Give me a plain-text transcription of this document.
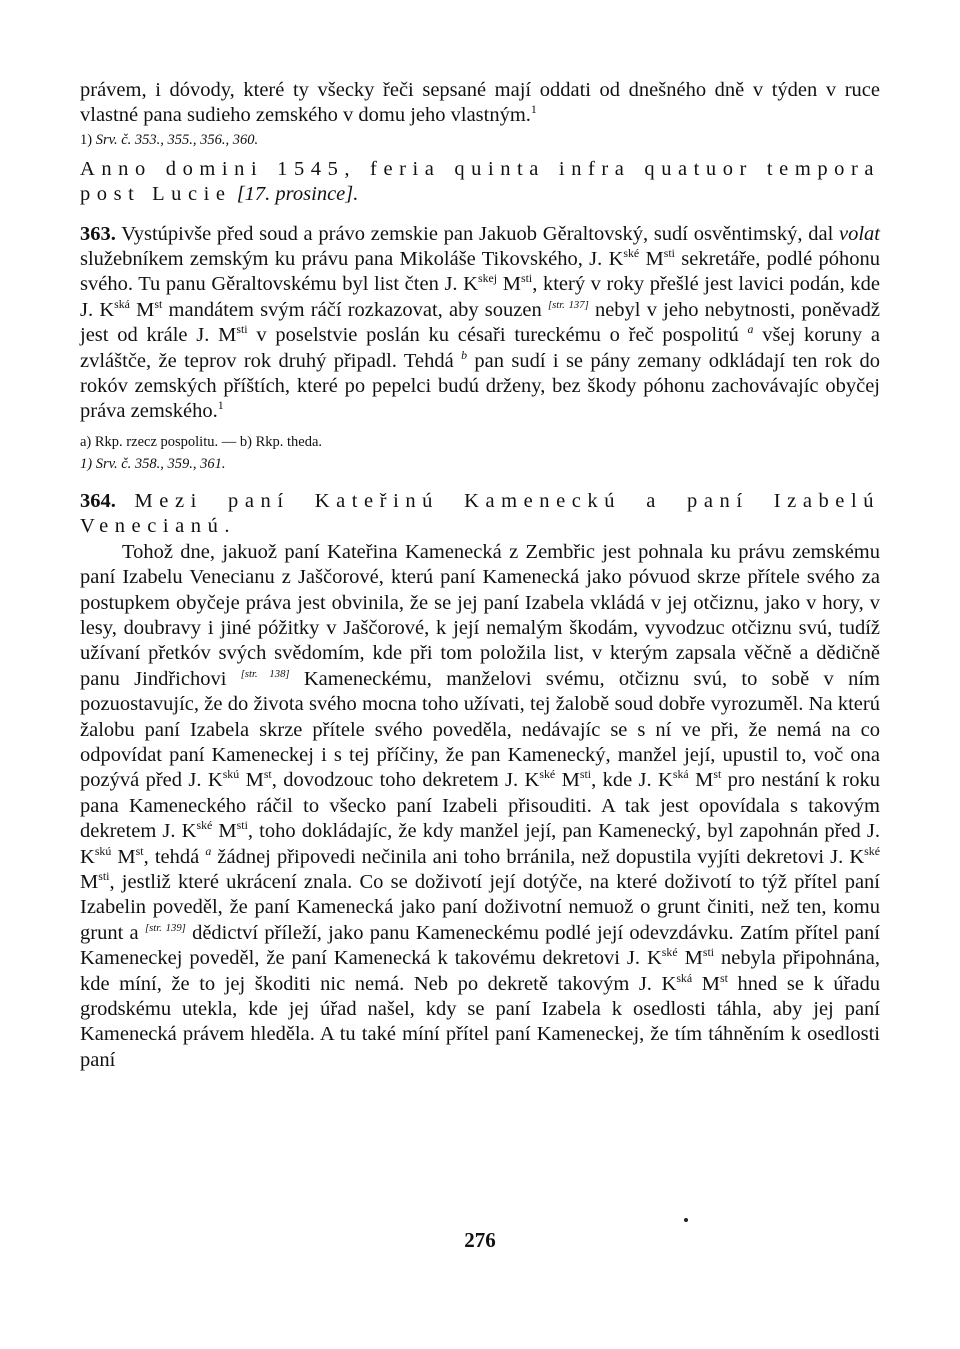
právem, i dóvody, které ty všecky řeči sepsané mají oddati od dnešného dně v týden v ruce vlastné pana sudieho zemského v domu jeho vlastným.$^1$

1) Srv. č. 353., 355., 356., 360.

Anno domini 1545, feria quinta infra quatuor tempora post Lucie [17. prosince].

363. Vystúpivše před soud a právo zemskie pan Jakuob Gěraltovský, sudí osvěntimský, dal volat služebníkem zemským ku právu pana Mikoláše Tikovského, J. $K^{ské}$ $M^{sti}$ sekretáře, podlé póhonu svého. Tu panu Gěraltovskému byl list čten J. $K^{skej}$ $M^{sti}$, který v roky přešlé jest lavici podán, kde J. $K^{ská}$ Mst mandátem svým ráčí rozkazovat, aby souzen [str. 137] nebyl v jeho nebytnosti, poněvadž jest od krále J. $M^{sti}$ v poselstvie poslán ku césaři tureckému o řeč pospolitú $^a$ všej koruny a zvláštče, že teprov rok druhý připadl. Tehdá $^b$ pan sudí i se pány zemany odkládají ten rok do rokóv zemských příštích, které po pepelci budú drženy, bez škody póhonu zachovávajíc obyčej práva zemského.$^1$

a) Rkp. rzecz pospolitu. — b) Rkp. theda.

1) Srv. č. 358., 359., 361.

364. Mezi paní Kateřinú Kameneckú a paní Izabelú Venecianú.

Tohož dne, jakuož paní Kateřina Kamenecká z Zembřic jest pohnala ku právu zemskému paní Izabelu Venecianu z Jaščorové, kterú paní Kamenecká jako póvuod skrze přítele svého za postupkem obyčeje práva jest obvinila, že se jej paní Izabela vkládá v jej otčiznu, jako v hory, v lesy, doubravy i jiné póžitky v Jaščorové, k její nemalým škodám, vyvodzuc otčiznu svú, tudíž užívaní přetkóv svých svědomím, kde při tom položila list, v kterým zapsala věčně a dědičně panu Jindřichovi [str. 138] Kameneckému, manželovi svému, otčiznu svú, to sobě v ním pozuostavujíc, že do života svého mocna toho užívati, tej žalobě soud dobře vyrozuměl. Na kterú žalobu paní Izabela skrze přítele svého poveděla, nedávajíc se s ní ve při, že nemá na co odpovídat paní Kameneckej i s tej příčiny, že pan Kamenecký, manžel její, upustil to, voč ona pozývá před J. $K^{skú}$ Mst, dovodzouc toho dekretem J. $K^{ské}$ $M^{sti}$, kde J. $K^{ská}$ Mst pro nestání k roku pana Kameneckého ráčil to všecko paní Izabeli přisouditi. A tak jest opovídala s takovým dekretem J. $K^{ské}$ $M^{sti}$, toho dokládajíc, že kdy manžel její, pan Kamenecký, byl zapohnán před J. $K^{skú}$ Mst, tehdá $^a$ žádnej připovedi nečinila ani toho brránila, než dopustila vyjíti dekretovi J. $K^{ské}$ $M^{sti}$, jestliž které ukrácení znala. Co se doživotí její dotýče, na které doživotí to týž přítel paní Izabelin poveděl, že paní Kamenecká jako paní doživotní nemuož o grunt činiti, než ten, komu grunt a [str. 139] dědictví příleží, jako panu Kameneckému podlé její odevzdávku. Zatím přítel paní Kameneckej poveděl, že paní Kamenecká k takovému dekretovi J. $K^{ské}$ $M^{sti}$ nebyla připohnána, kde míní, že to jej škoditi nic nemá. Neb po dekretě takovým J. $K^{ská}$ Mst hned se k úřadu grodskému utekla, kde jej úřad našel, kdy se paní Izabela k osedlosti táhla, aby jej paní Kamenecká právem hleděla. A tu také míní přítel paní Kameneckej, že tím táhněním k osedlosti paní

276
